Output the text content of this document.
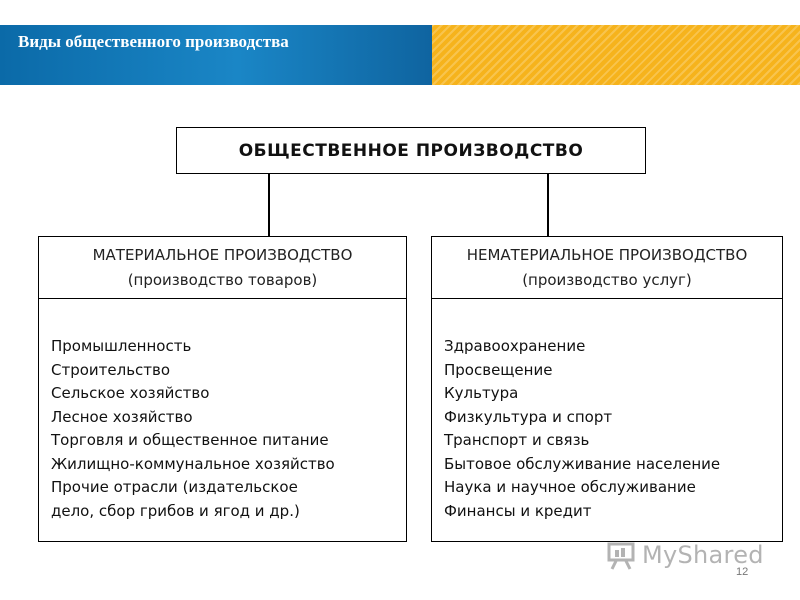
Виды общественного производства
ОБЩЕСТВЕННОЕ ПРОИЗВОДСТВО
МАТЕРИАЛЬНОЕ ПРОИЗВОДСТВО
(производство товаров)
Промышленность
Строительство
Сельское хозяйство
Лесное хозяйство
Торговля и общественное питание
Жилищно-коммунальное хозяйство
Прочие отрасли (издательское
дело, сбор грибов и ягод и др.)
НЕМАТЕРИАЛЬНОЕ ПРОИЗВОДСТВО
(производство услуг)
Здравоохранение
Просвещение
Культура
Физкультура и спорт
Транспорт и связь
Бытовое обслуживание население
Наука и научное обслуживание
Финансы и кредит
MyShared
12
